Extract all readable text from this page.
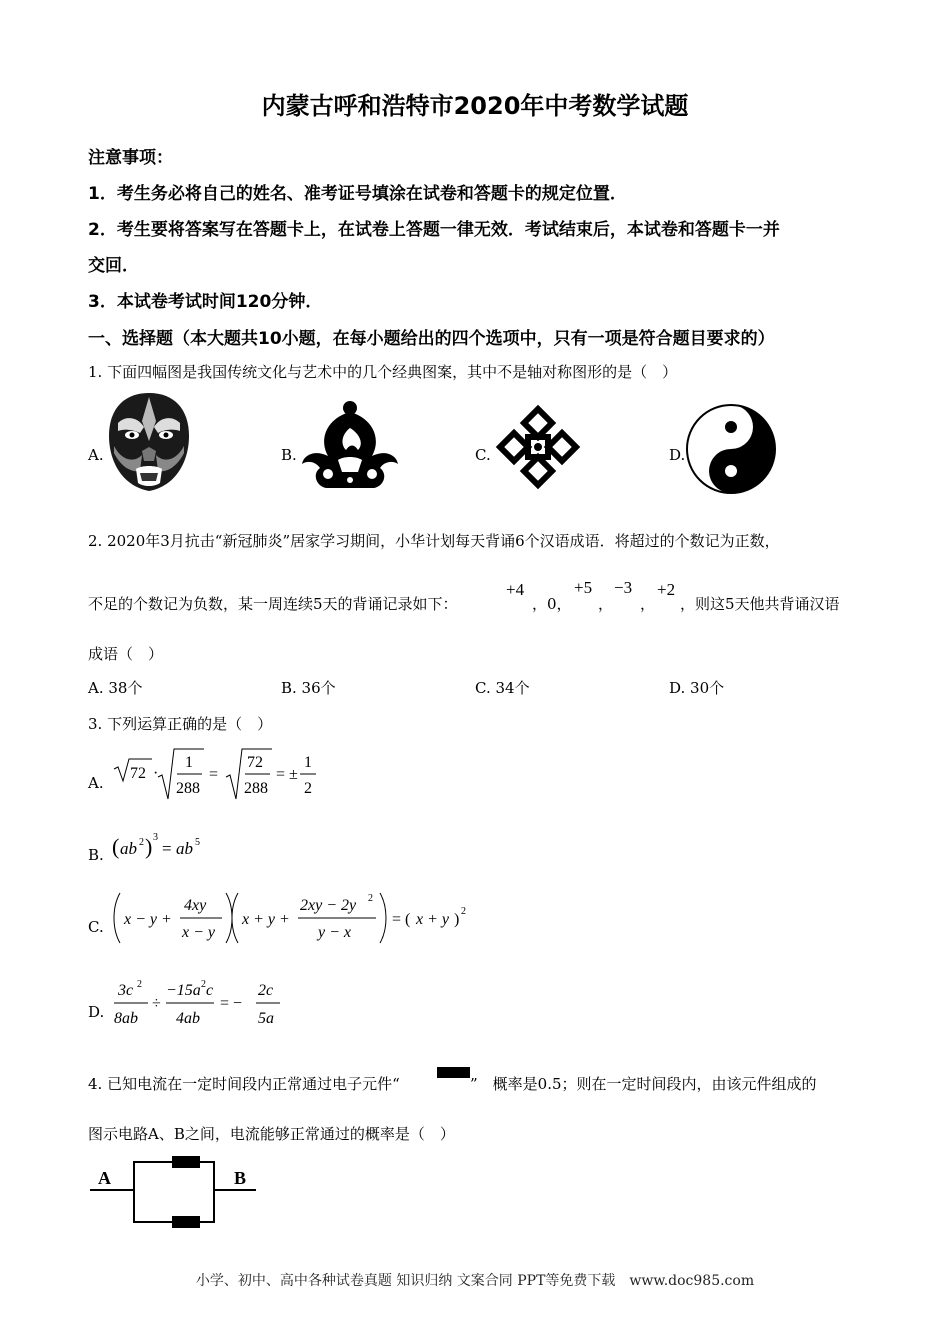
内蒙古呼和浩特市2020年中考数学试题
注意事项：
1．考生务必将自己的姓名、准考证号填涂在试卷和答题卡的规定位置．
2．考生要将答案写在答题卡上，在试卷上答题一律无效．考试结束后，本试卷和答题卡一并
交回．
3．本试卷考试时间120分钟．
一、选择题（本大题共10小题，在每小题给出的四个选项中，只有一项是符合题目要求的）
1. 下面四幅图是我国传统文化与艺术中的几个经典图案，其中不是轴对称图形的是（　）
A.	B.	C.	D.
2. 2020年3月抗击“新冠肺炎”居家学习期间，小华计划每天背诵6个汉语成语．将超过的个数记为正数，
不足的个数记为负数，某一周连续5天的背诵记录如下：
+4
，0，
+5
，
−3
，
+2
，则这5天他共背诵汉语
成语（　）
A. 38个	B. 36个	C. 34个	D. 30个
3. 下列运算正确的是（　）
A.
72 ·
1
288
=
72
288
= ±
1
2
B. ( ab 2 ) 3
= ab 5
C. x − y +
4xy
x − y
x + y +
2xy − 2y 2
y − x
= ( x + y ) 2
D.
3c 2
8ab
÷
−15a 2 c
4ab
= −
2c
5a
4. 已知电流在一定时间段内正常通过电子元件“	”　概率是0.5；则在一定时间段内，由该元件组成的
图示电路A、B之间，电流能够正常通过的概率是（　）
A	B
小学、初中、高中各种试卷真题 知识归纳 文案合同 PPT等免费下载　www.doc985.com
